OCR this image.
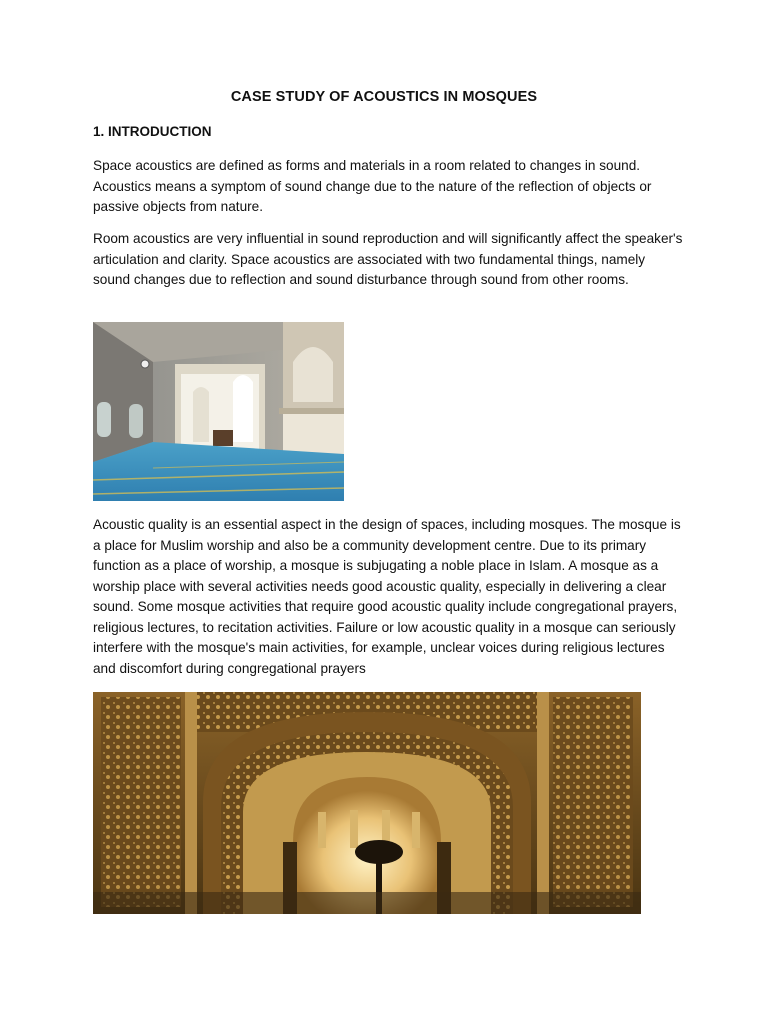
CASE STUDY OF ACOUSTICS IN MOSQUES
1. INTRODUCTION

Space acoustics are defined as forms and materials in a room related to changes in sound. Acoustics means a symptom of sound change due to the nature of the reflection of objects or passive objects from nature.

Room acoustics are very influential in sound reproduction and will significantly affect the speaker's articulation and clarity. Space acoustics are associated with two fundamental things, namely sound changes due to reflection and sound disturbance through sound from other rooms.

Acoustic quality is an essential aspect in the design of spaces, including mosques. The mosque is a place for Muslim worship and also be a community development centre. Due to its primary function as a place of worship, a mosque is subjugating a noble place in Islam. A mosque as a worship place with several activities needs good acoustic quality, especially in delivering a clear sound. Some mosque activities that require good acoustic quality include congregational prayers, religious lectures, to recitation activities. Failure or low acoustic quality in a mosque can seriously interfere with the mosque's main activities, for example, unclear voices during religious lectures and discomfort during congregational prayers
